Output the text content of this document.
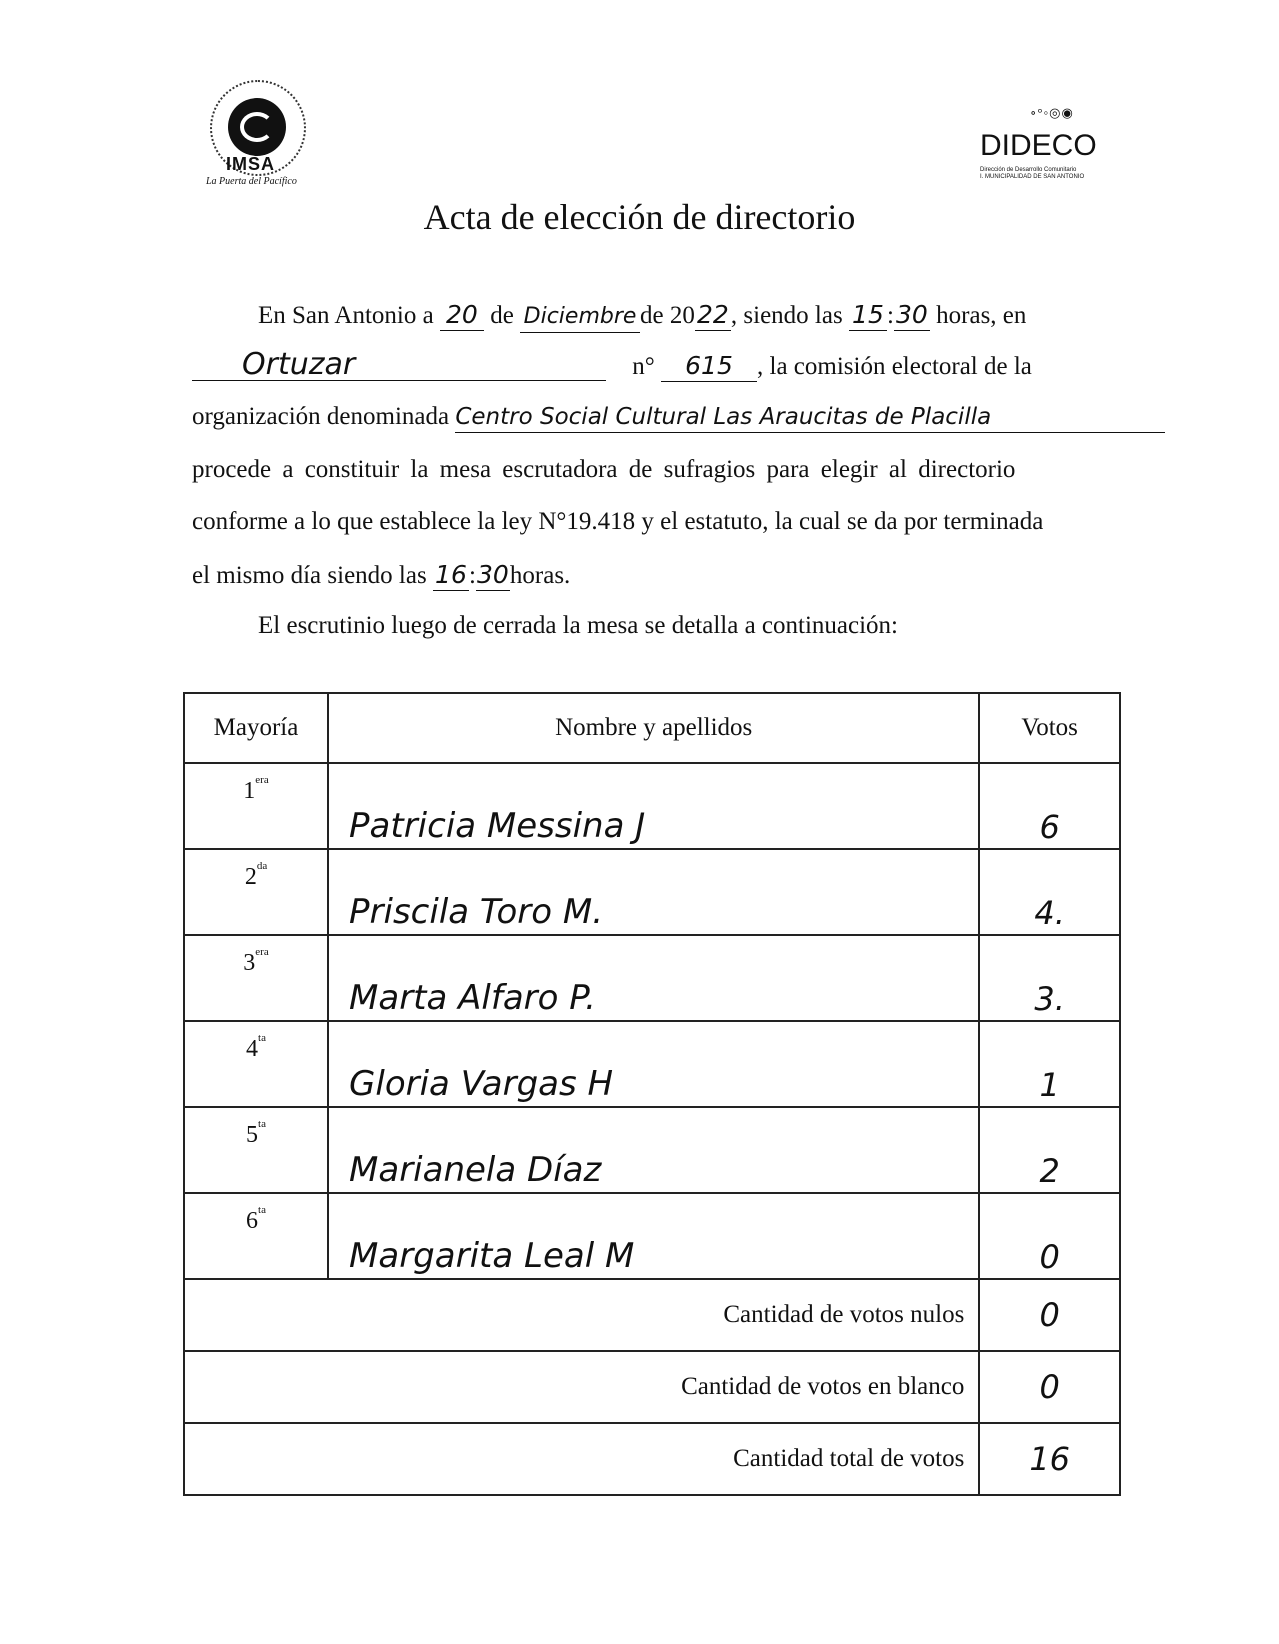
IMSA
La Puerta del Pacífico
∘°◦◎◉
DIDECO
Dirección de Desarrollo Comunitario
I. MUNICIPALIDAD DE SAN ANTONIO
Acta de elección de directorio
En San Antonio a 20 de Diciembre de 2022, siendo las 15 :30 horas, en
Ortuzar	n° 615 , la comisión electoral de la
organización denominada Centro Social Cultural Las Araucitas de Placilla
procede a constituir la mesa escrutadora de sufragios para elegir al directorio
conforme a lo que establece la ley N°19.418 y el estatuto, la cual se da por terminada
el mismo día siendo las 16:30horas.
El escrutinio luego de cerrada la mesa se detalla a continuación:
Mayoría	Nombre y apellidos	Votos
$1^{era}$	Patricia Messina J	6
$2^{da}$	Priscila Toro M.	4.
$3^{era}$	Marta Alfaro P.	3.
$4^{ta}$	Gloria Vargas H	1
$5^{ta}$	Marianela Díaz	2
$6^{ta}$	Margarita Leal M	0
Cantidad de votos nulos		0
Cantidad de votos en blanco		0
Cantidad total de votos		16
